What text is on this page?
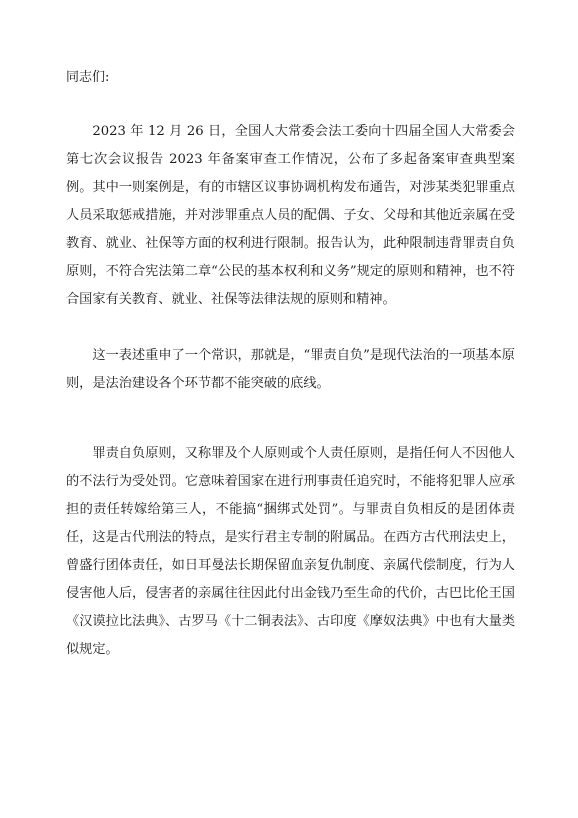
同志们:

2023 年 12 月 26 日，全国人大常委会法工委向十四届全国人大常委会第七次会议报告 2023 年备案审查工作情况，公布了多起备案审查典型案例。其中一则案例是，有的市辖区议事协调机构发布通告，对涉某类犯罪重点人员采取惩戒措施，并对涉罪重点人员的配偶、子女、父母和其他近亲属在受教育、就业、社保等方面的权利进行限制。报告认为，此种限制违背罪责自负原则，不符合宪法第二章“公民的基本权利和义务”规定的原则和精神，也不符合国家有关教育、就业、社保等法律法规的原则和精神。

这一表述重申了一个常识，那就是，“罪责自负”是现代法治的一项基本原则，是法治建设各个环节都不能突破的底线。

罪责自负原则，又称罪及个人原则或个人责任原则，是指任何人不因他人的不法行为受处罚。它意味着国家在进行刑事责任追究时，不能将犯罪人应承担的责任转嫁给第三人，不能搞“捆绑式处罚”。与罪责自负相反的是团体责任，这是古代刑法的特点，是实行君主专制的附属品。在西方古代刑法史上，曾盛行团体责任，如日耳曼法长期保留血亲复仇制度、亲属代偿制度，行为人侵害他人后，侵害者的亲属往往因此付出金钱乃至生命的代价，古巴比伦王国《汉谟拉比法典》、古罗马《十二铜表法》、古印度《摩奴法典》中也有大量类似规定。
